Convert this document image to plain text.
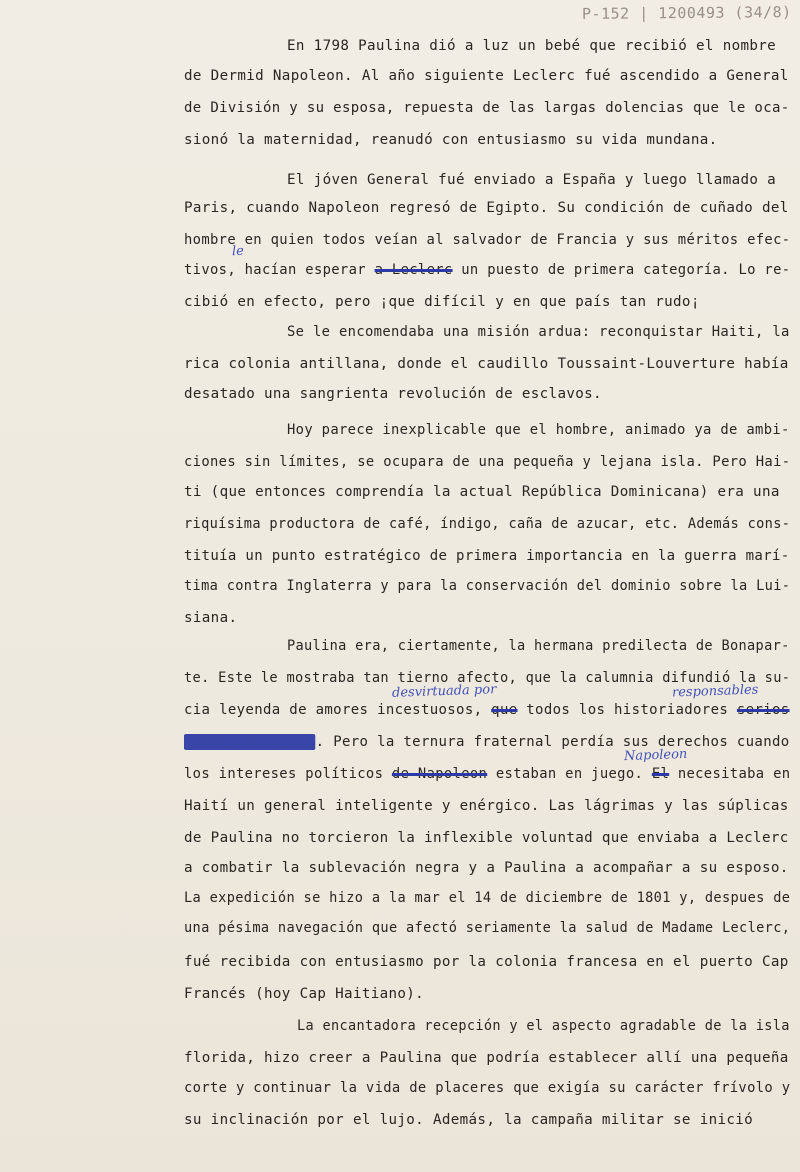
P-152 | 1200493 (34/8)
En 1798 Paulina dió a luz un bebé que recibió el nombre
de Dermid Napoleon. Al año siguiente Leclerc fué ascendido a General
de División y su esposa, repuesta de las largas dolencias que le oca-
sionó la maternidad, reanudó con entusiasmo su vida mundana.
El jóven General fué enviado a España y luego llamado a
Paris, cuando Napoleon regresó de Egipto. Su condición de cuñado del
hombre en quien todos veían al salvador de Francia y sus méritos efec-
tivos, hacían esperar a Leclerc un puesto de primera categoría. Lo re-
cibió en efecto, pero ¡que difícil y en que país tan rudo¡
Se le encomendaba una misión ardua: reconquistar Haiti, la
rica colonia antillana, donde el caudillo Toussaint-Louverture había
desatado una sangrienta revolución de esclavos.
Hoy parece inexplicable que el hombre, animado ya de ambi-
ciones sin límites, se ocupara de una pequeña y lejana isla. Pero Hai-
ti (que entonces comprendía la actual República Dominicana) era una
riquísima productora de café, índigo, caña de azucar, etc. Además cons-
tituía un punto estratégico de primera importancia en la guerra marí-
tima contra Inglaterra y para la conservación del dominio sobre la Lui-
siana.
Paulina era, ciertamente, la hermana predilecta de Bonapar-
te. Este le mostraba tan tierno afecto, que la calumnia difundió la su-
cia leyenda de amores incestuosos, que todos los historiadores serios
han desvirtuado. Pero la ternura fraternal perdía sus derechos cuando
los intereses políticos de Napoleon estaban en juego. El necesitaba en
Haití un general inteligente y enérgico. Las lágrimas y las súplicas
de Paulina no torcieron la inflexible voluntad que enviaba a Leclerc
a combatir la sublevación negra y a Paulina a acompañar a su esposo.
La expedición se hizo a la mar el 14 de diciembre de 1801 y, despues de
una pésima navegación que afectó seriamente la salud de Madame Leclerc,
fué recibida con entusiasmo por la colonia francesa en el puerto Cap
Francés (hoy Cap Haitiano).
La encantadora recepción y el aspecto agradable de la isla
florida, hizo creer a Paulina que podría establecer allí una pequeña
corte y continuar la vida de placeres que exigía su carácter frívolo y
su inclinación por el lujo. Además, la campaña militar se inició
le
desvirtuada por	responsables
Napoleon
